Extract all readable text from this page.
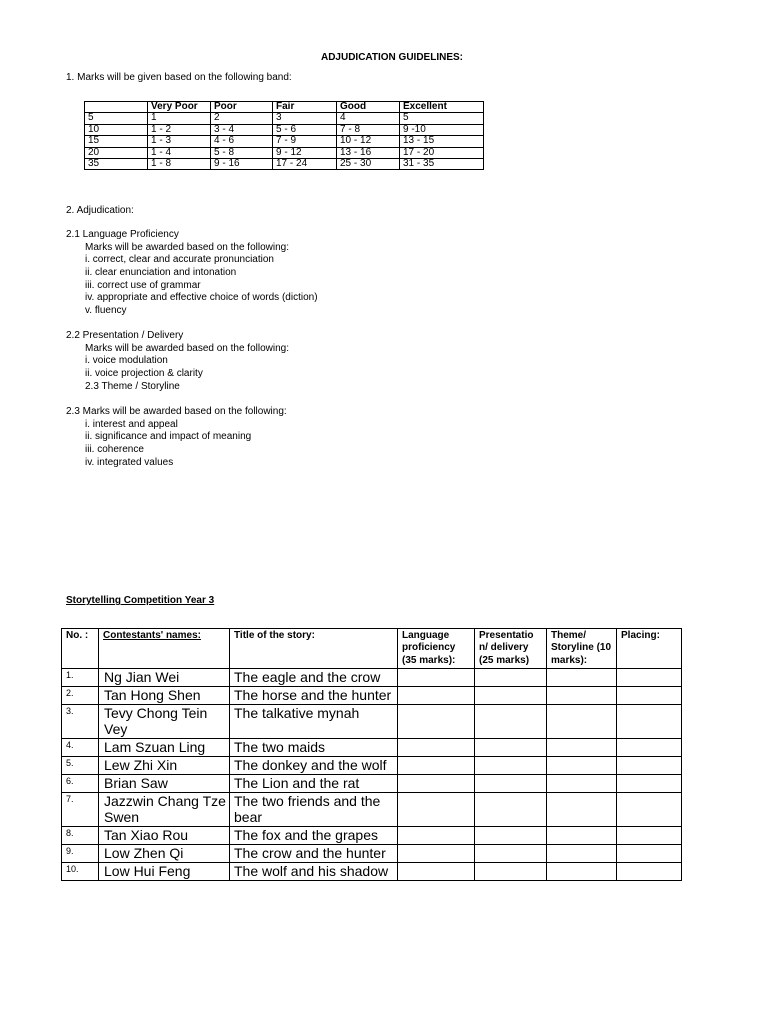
ADJUDICATION GUIDELINES:
1. Marks will be given based on the following band:
	Very Poor	Poor	Fair	Good	Excellent
5	1	2	3	4	5
10	1 - 2	3 - 4	5 - 6	7 - 8	9 -10
15	1 - 3	4 - 6	7 - 9	10 - 12	13 - 15
20	1 - 4	5 - 8	9 - 12	13 - 16	17 - 20
35	1 - 8	9 - 16	17 - 24	25 - 30	31 - 35
2. Adjudication:
2.1 Language Proficiency
Marks will be awarded based on the following:
i. correct, clear and accurate pronunciation
ii. clear enunciation and intonation
iii. correct use of grammar
iv. appropriate and effective choice of words (diction)
v. fluency
2.2 Presentation / Delivery
Marks will be awarded based on the following:
i. voice modulation
ii. voice projection & clarity
2.3 Theme / Storyline
2.3 Marks will be awarded based on the following:
i. interest and appeal
ii. significance and impact of meaning
iii. coherence
iv. integrated values
Storytelling Competition Year 3
No. :	Contestants' names:	Title of the story:	Language proficiency (35 marks):	Presentatio n/ delivery (25 marks)	Theme/ Storyline (10 marks):	Placing:
1.	Ng Jian Wei	The eagle and the crow				
2.	Tan Hong Shen	The horse and the hunter				
3.	Tevy Chong Tein Vey	The talkative mynah				
4.	Lam Szuan Ling	The two maids				
5.	Lew Zhi Xin	The donkey and the wolf				
6.	Brian Saw	The Lion and the rat				
7.	Jazzwin Chang Tze Swen	The two friends and the bear				
8.	Tan Xiao Rou	The fox and the grapes				
9.	Low Zhen Qi	The crow and the hunter				
10.	Low Hui Feng	The wolf and his shadow				
